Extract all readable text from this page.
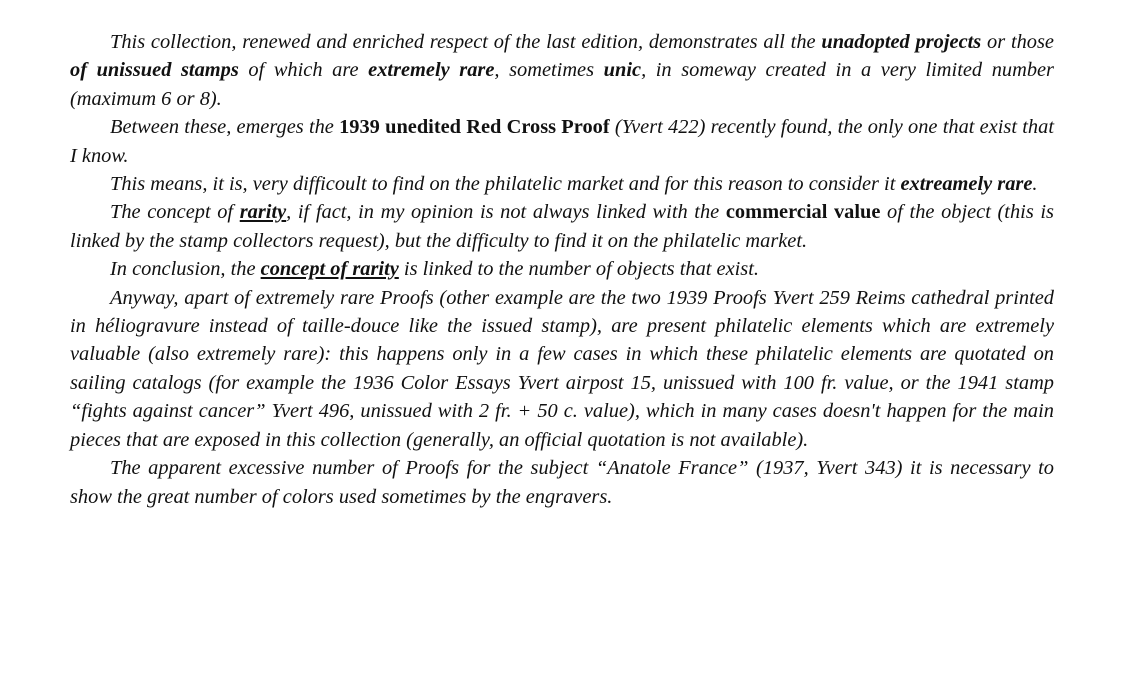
This collection, renewed and enriched respect of the last edition, demonstrates all the unadopted projects or those of unissued stamps of which are extremely rare, sometimes unic, in someway created in a very limited number (maximum 6 or 8).

Between these, emerges the 1939 unedited Red Cross Proof (Yvert 422) recently found, the only one that exist that I know.

This means, it is, very difficoult to find on the philatelic market and for this reason to consider it extreamely rare.

The concept of rarity, if fact, in my opinion is not always linked with the commercial value of the object (this is linked by the stamp collectors request), but the difficulty to find it on the philatelic market.

In conclusion, the concept of rarity is linked to the number of objects that exist.

Anyway, apart of extremely rare Proofs (other example are the two 1939 Proofs Yvert 259 Reims cathedral printed in héliogravure instead of taille-douce like the issued stamp), are present philatelic elements which are extremely valuable (also extremely rare): this happens only in a few cases in which these philatelic elements are quotated on sailing catalogs (for example the 1936 Color Essays Yvert airpost 15, unissued with 100 fr. value, or the 1941 stamp “fights against cancer” Yvert 496, unissued with 2 fr. + 50 c. value), which in many cases doesn't happen for the main pieces that are exposed in this collection (generally, an official quotation is not available).

The apparent excessive number of Proofs for the subject “Anatole France” (1937, Yvert 343) it is necessary to show the great number of colors used sometimes by the engravers.
